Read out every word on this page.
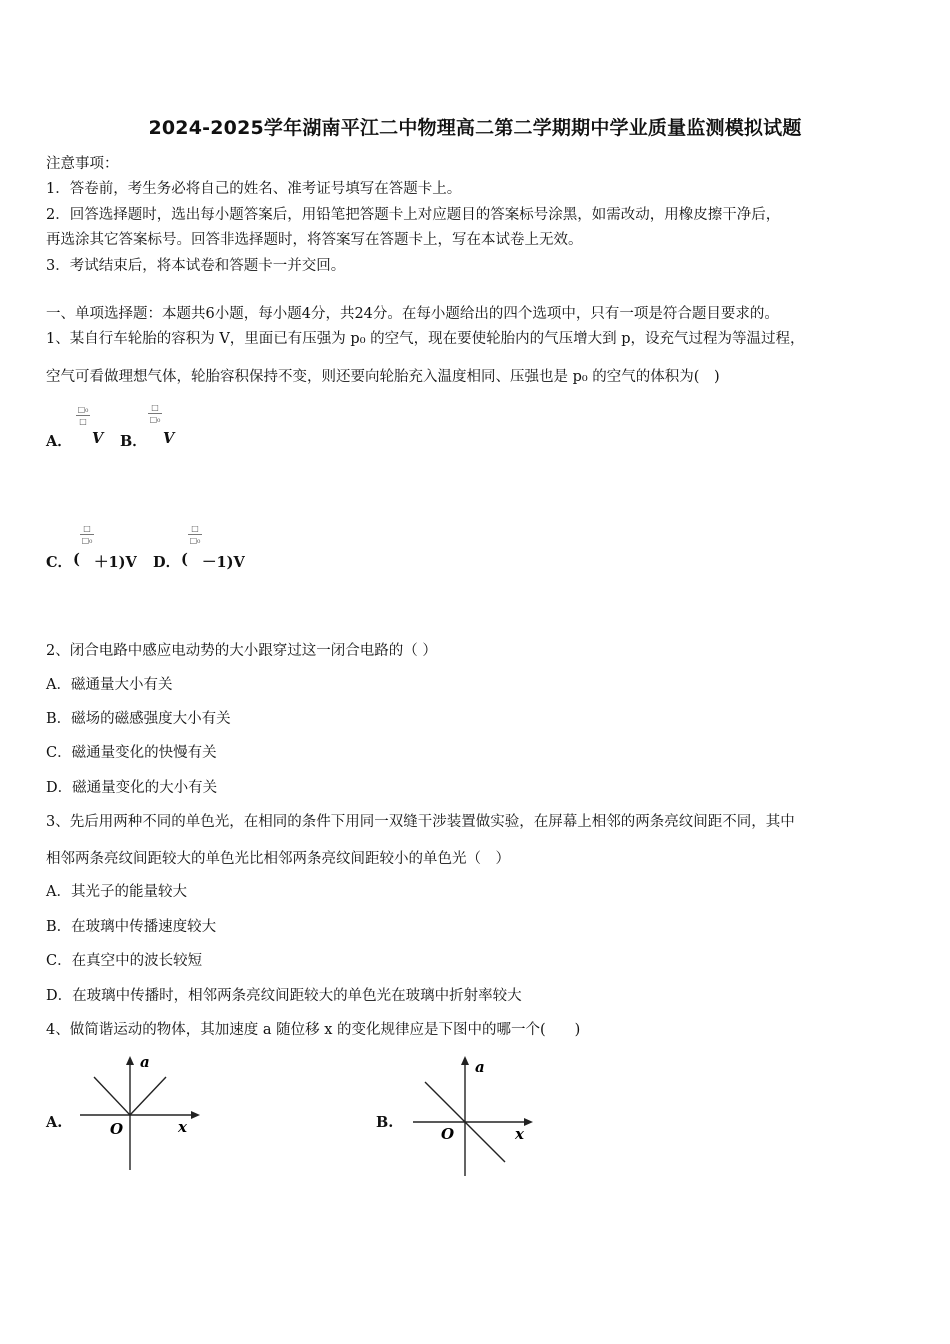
2024-2025学年湖南平江二中物理高二第二学期期中学业质量监测模拟试题
注意事项：
1．答卷前，考生务必将自己的姓名、准考证号填写在答题卡上。
2．回答选择题时，选出每小题答案后，用铅笔把答题卡上对应题目的答案标号涂黑，如需改动，用橡皮擦干净后，
再选涂其它答案标号。回答非选择题时，将答案写在答题卡上，写在本试卷上无效。
3．考试结束后，将本试卷和答题卡一并交回。
一、单项选择题：本题共6小题，每小题4分，共24分。在每小题给出的四个选项中，只有一项是符合题目要求的。
1、某自行车轮胎的容积为 V，里面已有压强为 p₀ 的空气，现在要使轮胎内的气压增大到 p，设充气过程为等温过程，
空气可看做理想气体，轮胎容积保持不变，则还要向轮胎充入温度相同、压强也是 p₀ 的空气的体积为(　)
A．
□₀
□
V B．
□
□₀
V
C． (
□
□₀
＋1)V D． (
□
□₀
－1)V
2、闭合电路中感应电动势的大小跟穿过这一闭合电路的（ ）
A．磁通量大小有关
B．磁场的磁感强度大小有关
C．磁通量变化的快慢有关
D．磁通量变化的大小有关
3、先后用两种不同的单色光，在相同的条件下用同一双缝干涉装置做实验，在屏幕上相邻的两条亮纹间距不同，其中
相邻两条亮纹间距较大的单色光比相邻两条亮纹间距较小的单色光（　）
A．其光子的能量较大
B．在玻璃中传播速度较大
C．在真空中的波长较短
D．在玻璃中传播时，相邻两条亮纹间距较大的单色光在玻璃中折射率较大
4、做简谐运动的物体，其加速度 a 随位移 x 的变化规律应是下图中的哪一个(　　)
A.
a
x
O	B.
a
x
O
